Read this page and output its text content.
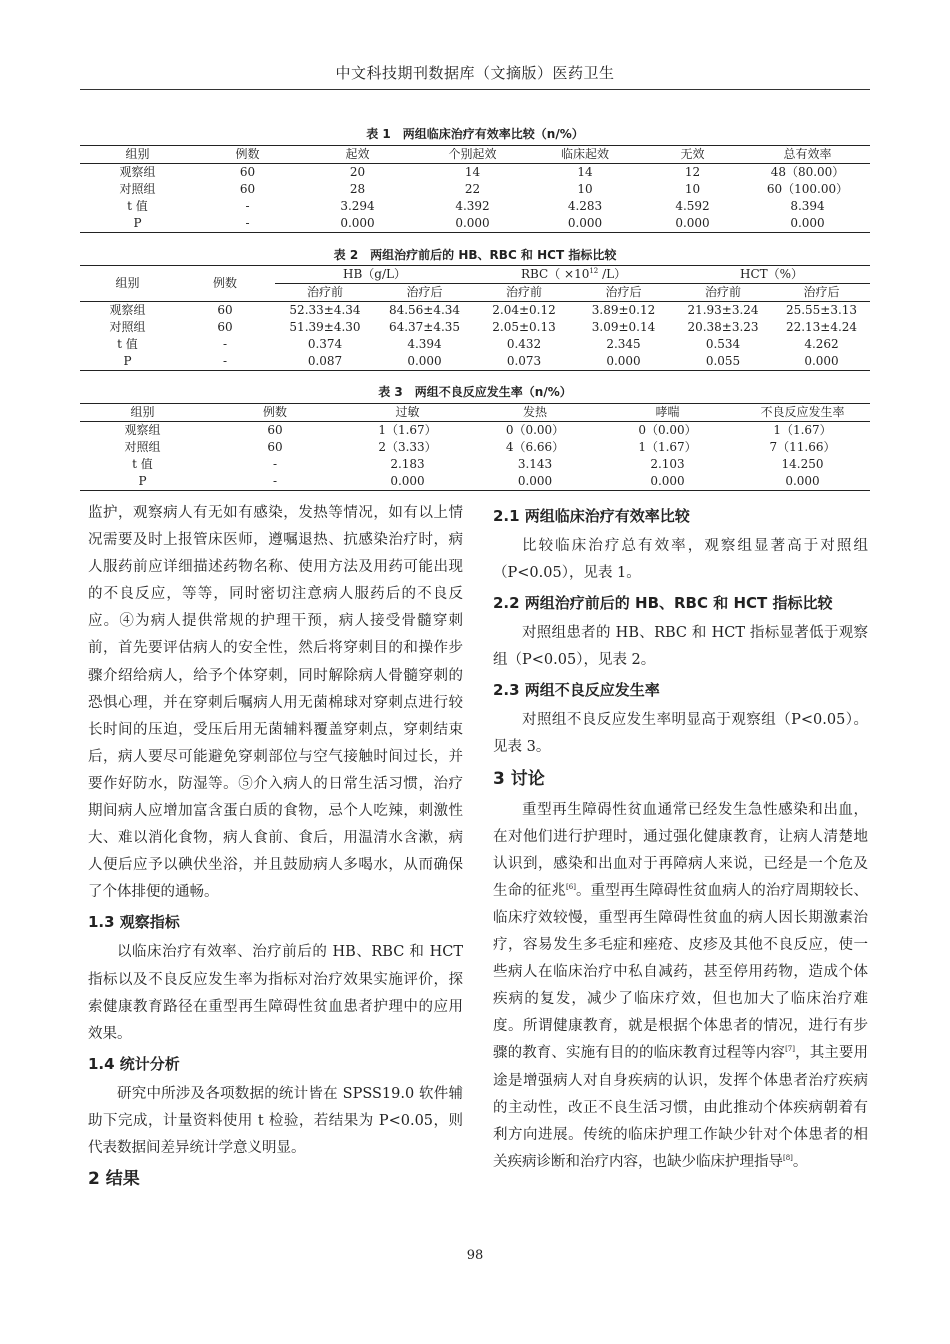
中文科技期刊数据库（文摘版）医药卫生
表 1　两组临床治疗有效率比较（n/%）
组别	例数	起效	个别起效	临床起效	无效	总有效率
观察组	60	20	14	14	12	48（80.00）
对照组	60	28	22	10	10	60（100.00）
t 值	-	3.294	4.392	4.283	4.592	8.394
P	-	0.000	0.000	0.000	0.000	0.000
表 2　两组治疗前后的 HB、RBC 和 HCT 指标比较
组别	例数	HB（g/L）		$RBC( \times 10^{12}$ /L）		HCT（%）	
		治疗前	治疗后	治疗前	治疗后	治疗前	治疗后
观察组	60	52.33±4.34	84.56±4.34	2.04±0.12	3.89±0.12	21.93±3.24	25.55±3.13
对照组	60	51.39±4.30	64.37±4.35	2.05±0.13	3.09±0.14	20.38±3.23	22.13±4.24
t 值	-	0.374	4.394	0.432	2.345	0.534	4.262
P	-	0.087	0.000	0.073	0.000	0.055	0.000
表 3　两组不良反应发生率（n/%）
组别	例数	过敏	发热	哮喘	不良反应发生率
观察组	60	1（1.67）	0（0.00）	0（0.00）	1（1.67）
对照组	60	2（3.33）	4（6.66）	1（1.67）	7（11.66）
t 值	-	2.183	3.143	2.103	14.250
P	-	0.000	0.000	0.000	0.000

监护，观察病人有无如有感染，发热等情况，如有以上情况需要及时上报管床医师，遵嘱退热、抗感染治疗时，病人服药前应详细描述药物名称、使用方法及用药可能出现的不良反应，等等，同时密切注意病人服药后的不良反应。④为病人提供常规的护理干预，病人接受骨髓穿刺前，首先要评估病人的安全性，然后将穿刺目的和操作步骤介绍给病人，给予个体穿刺，同时解除病人骨髓穿刺的恐惧心理，并在穿刺后嘱病人用无菌棉球对穿刺点进行较长时间的压迫，受压后用无菌辅料覆盖穿刺点，穿刺结束后，病人要尽可能避免穿刺部位与空气接触时间过长，并要作好防水，防湿等。⑤介入病人的日常生活习惯，治疗期间病人应增加富含蛋白质的食物，忌个人吃辣，刺激性大、难以消化食物，病人食前、食后，用温清水含漱，病人便后应予以碘伏坐浴，并且鼓励病人多喝水，从而确保了个体排便的通畅。

1.3 观察指标

以临床治疗有效率、治疗前后的 HB、RBC 和 HCT 指标以及不良反应发生率为指标对治疗效果实施评价，探索健康教育路径在重型再生障碍性贫血患者护理中的应用效果。

1.4 统计分析

研究中所涉及各项数据的统计皆在 SPSS19.0 软件辅助下完成，计量资料使用 t 检验，若结果为 P<0.05，则代表数据间差异统计学意义明显。

2 结果
2.1 两组临床治疗有效率比较

比较临床治疗总有效率，观察组显著高于对照组（P<0.05），见表 1。

2.2 两组治疗前后的 HB、RBC 和 HCT 指标比较

对照组患者的 HB、RBC 和 HCT 指标显著低于观察组（P<0.05），见表 2。

2.3 两组不良反应发生率

对照组不良反应发生率明显高于观察组（P<0.05）。见表 3。

3 讨论

重型再生障碍性贫血通常已经发生急性感染和出血，在对他们进行护理时，通过强化健康教育，让病人清楚地认识到，感染和出血对于再障病人来说，已经是一个危及生命的征兆[6]。重型再生障碍性贫血病人的治疗周期较长、临床疗效较慢，重型再生障碍性贫血的病人因长期激素治疗，容易发生多毛症和痤疮、皮疹及其他不良反应，使一些病人在临床治疗中私自减药，甚至停用药物，造成个体疾病的复发，减少了临床疗效，但也加大了临床治疗难度。所谓健康教育，就是根据个体患者的情况，进行有步骤的教育、实施有目的的临床教育过程等内容[7]，其主要用途是增强病人对自身疾病的认识，发挥个体患者治疗疾病的主动性，改正不良生活习惯，由此推动个体疾病朝着有利方向进展。传统的临床护理工作缺少针对个体患者的相关疾病诊断和治疗内容，也缺少临床护理指导[8]。

98
